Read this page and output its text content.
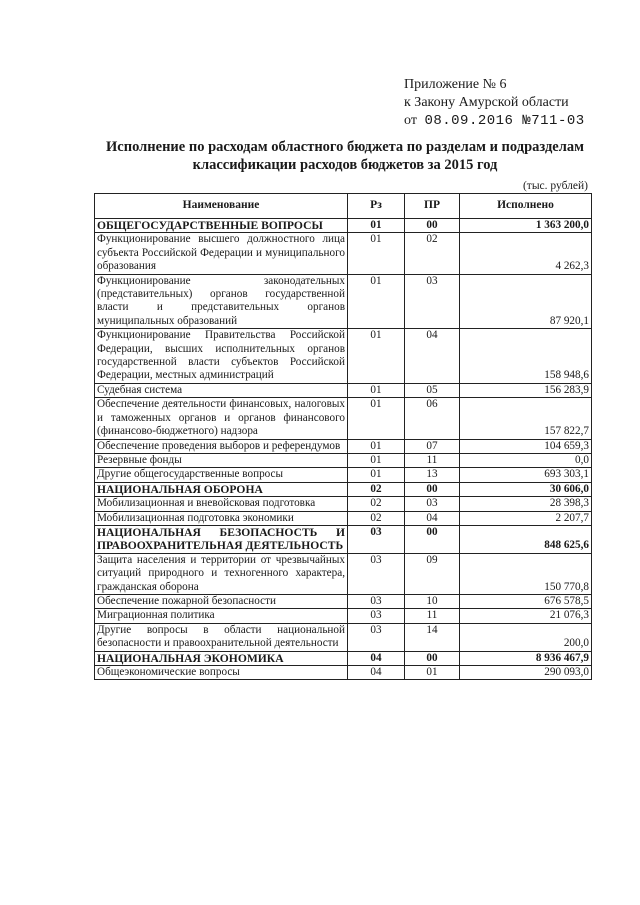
Приложение № 6
к Закону Амурской области
от 08.09.2016 №711-03
Исполнение по расходам областного бюджета по разделам и подразделам классификации расходов бюджетов за 2015 год
(тыс. рублей)
Наименование	Рз	ПР	Исполнено
ОБЩЕГОСУДАРСТВЕННЫЕ ВОПРОСЫ	01	00	1 363 200,0
Функционирование высшего должностного лица субъекта Российской Федерации и муниципального образования	01	02	4 262,3
Функционирование законодательных (представительных) органов государственной власти и представительных органов муниципальных образований	01	03	87 920,1
Функционирование Правительства Российской Федерации, высших исполнительных органов государственной власти субъектов Российской Федерации, местных администраций	01	04	158 948,6
Судебная система	01	05	156 283,9
Обеспечение деятельности финансовых, налоговых и таможенных органов и органов финансового (финансово-бюджетного) надзора	01	06	157 822,7
Обеспечение проведения выборов и референдумов	01	07	104 659,3
Резервные фонды	01	11	0,0
Другие общегосударственные вопросы	01	13	693 303,1
НАЦИОНАЛЬНАЯ ОБОРОНА	02	00	30 606,0
Мобилизационная и вневойсковая подготовка	02	03	28 398,3
Мобилизационная подготовка экономики	02	04	2 207,7
НАЦИОНАЛЬНАЯ БЕЗОПАСНОСТЬ И ПРАВООХРАНИТЕЛЬНАЯ ДЕЯТЕЛЬНОСТЬ	03	00	848 625,6
Защита населения и территории от чрезвычайных ситуаций природного и техногенного характера, гражданская оборона	03	09	150 770,8
Обеспечение пожарной безопасности	03	10	676 578,5
Миграционная политика	03	11	21 076,3
Другие вопросы в области национальной безопасности и правоохранительной деятельности	03	14	200,0
НАЦИОНАЛЬНАЯ ЭКОНОМИКА	04	00	8 936 467,9
Общеэкономические вопросы	04	01	290 093,0
